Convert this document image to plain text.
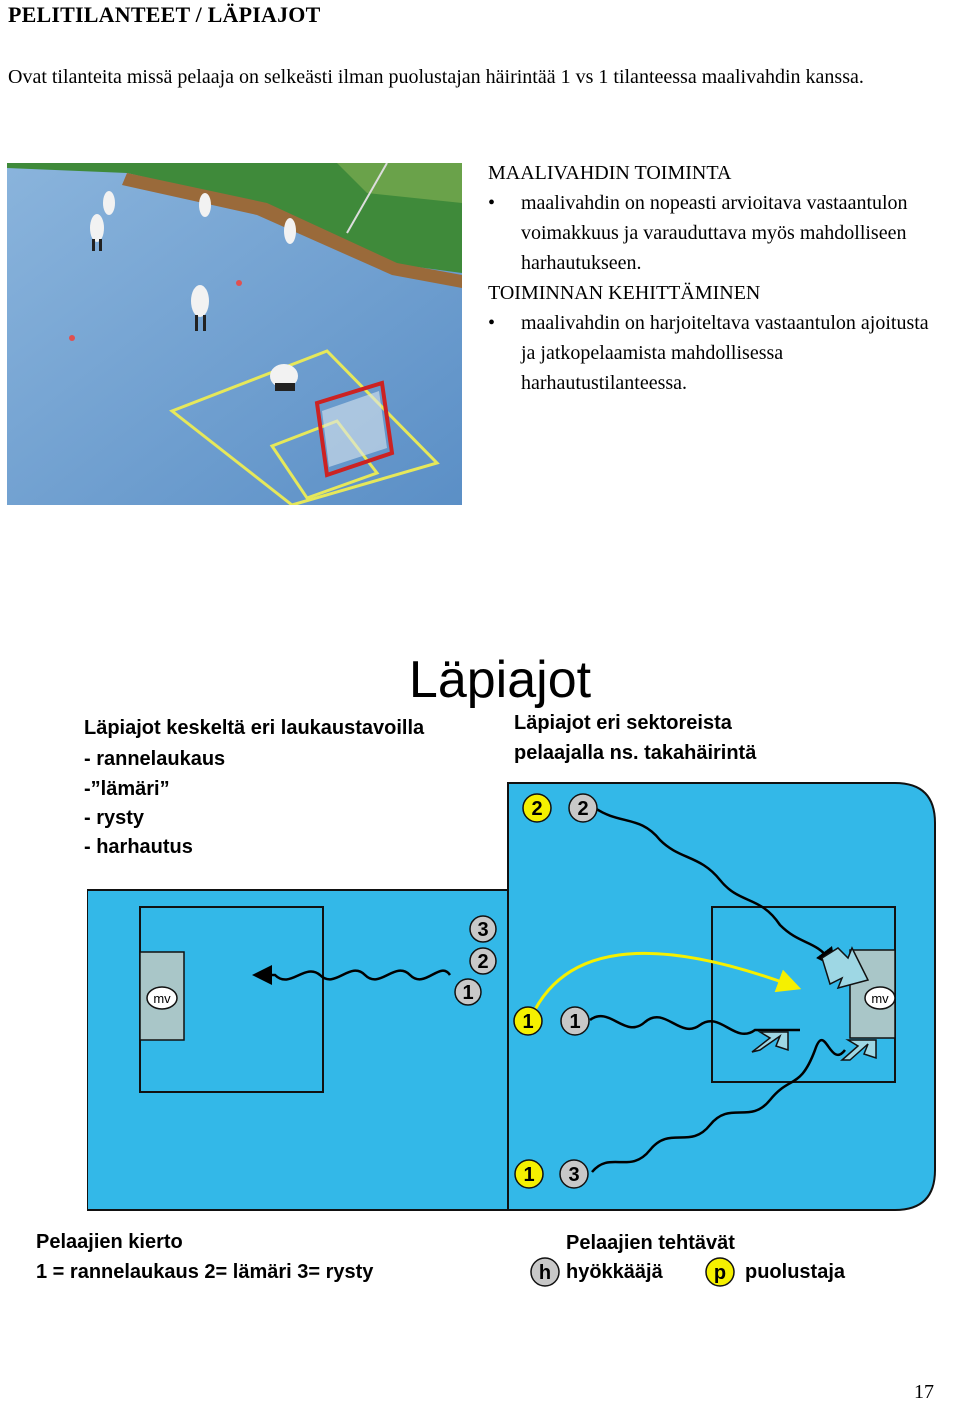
PELITILANTEET / LÄPIAJOT
Ovat tilanteita missä pelaaja on selkeästi ilman puolustajan häirintää 1 vs 1 tilanteessa maalivahdin kanssa.
MAALIVAHDIN TOIMINTA
• maalivahdin on nopeasti arvioitava vastaantulon voimakkuus ja varauduttava myös mahdolliseen harhautukseen.
TOIMINNAN KEHITTÄMINEN
• maalivahdin on harjoiteltava vastaantulon ajoitusta ja jatkopelaamista mahdollisessa harhautustilanteessa.
Läpiajot
Läpiajot keskeltä eri laukaustavoilla
- rannelaukaus
-”lämäri”
- rysty
- harhautus
Läpiajot eri sektoreista
pelaajalla ns. takahäirintä
mv	mv
3
2
1
2 2
1 1
1 3
Pelaajien kierto
1 = rannelaukaus 2= lämäri 3= rysty
Pelaajien tehtävät
h hyökkääjä	p puolustaja
17
